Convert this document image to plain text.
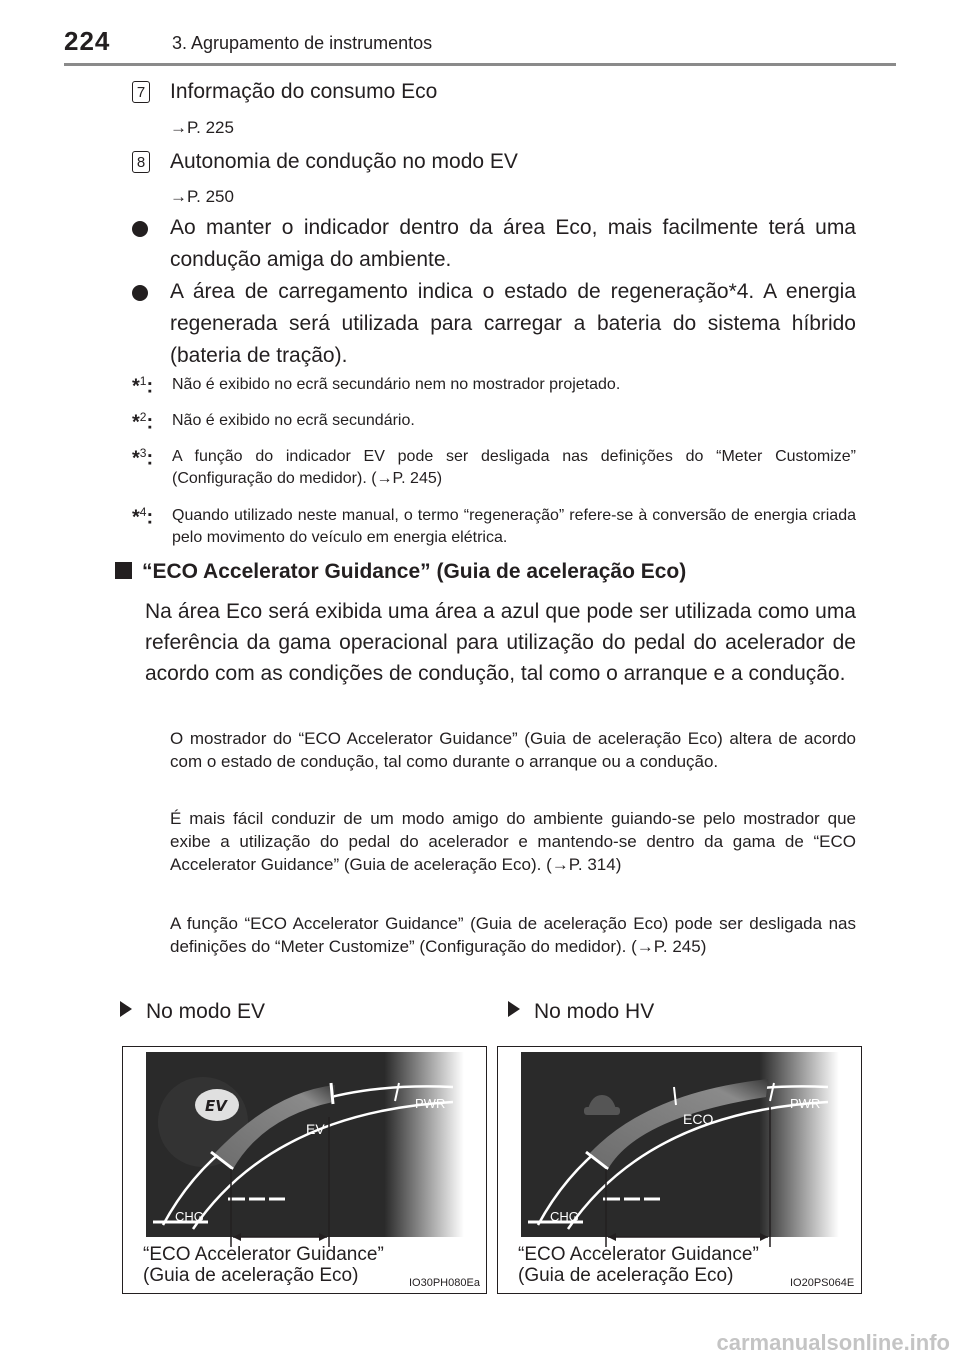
224	3. Agrupamento de instrumentos
7 Informação do consumo Eco
→P. 225
8 Autonomia de condução no modo EV
→P. 250
Ao manter o indicador dentro da área Eco, mais facilmente terá uma condução amiga do ambiente.
A área de carregamento indica o estado de regeneração*4. A energia regenerada será utilizada para carregar a bateria do sistema híbrido (bateria de tração).
*$^1$: Não é exibido no ecrã secundário nem no mostrador projetado.
*$^2$: Não é exibido no ecrã secundário.
*$^3$: A função do indicador EV pode ser desligada nas definições do “Meter Customize” (Configuração do medidor). (→P. 245)
*$^4$: Quando utilizado neste manual, o termo “regeneração” refere-se à conversão de energia criada pelo movimento do veículo em energia elétrica.
“ECO Accelerator Guidance” (Guia de aceleração Eco)
Na área Eco será exibida uma área a azul que pode ser utilizada como uma referência da gama operacional para utilização do pedal do acelerador de acordo com as condições de condução, tal como o arranque e a condução.
O mostrador do “ECO Accelerator Guidance” (Guia de aceleração Eco) altera de acordo com o estado de condução, tal como durante o arranque ou a condução.
É mais fácil conduzir de um modo amigo do ambiente guiando-se pelo mostrador que exibe a utilização do pedal do acelerador e mantendo-se dentro da gama de “ECO Accelerator Guidance” (Guia de aceleração Eco). (→P. 314)
A função “ECO Accelerator Guidance” (Guia de aceleração Eco) pode ser desligada nas definições do “Meter Customize” (Configuração do medidor). (→P. 245)
No modo EV	No modo HV
EV
EV
PWR
CHG
“ECO Accelerator Guidance”
(Guia de aceleração Eco)	IO30PH080Ea
ECO
PWR
CHG
“ECO Accelerator Guidance”
(Guia de aceleração Eco)	IO20PS064E
carmanualsonline.info
